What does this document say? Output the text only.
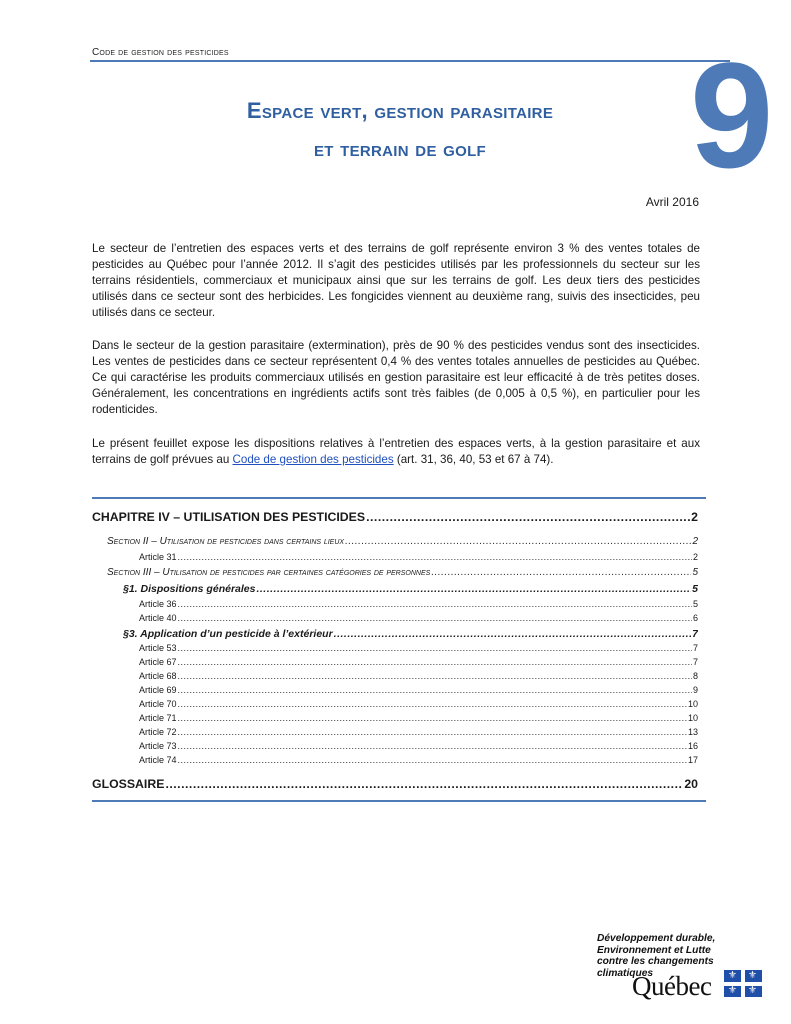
Code de gestion des pesticides	9
Espace vert, gestion parasitaire
et terrain de golf
Avril 2016
Le secteur de l’entretien des espaces verts et des terrains de golf représente environ 3 % des ventes totales de pesticides au Québec pour l’année 2012. Il s’agit des pesticides utilisés par les professionnels du secteur sur les terrains résidentiels, commerciaux et municipaux ainsi que sur les terrains de golf. Les deux tiers des pesticides utilisés dans ce secteur sont des herbicides. Les fongicides viennent au deuxième rang, suivis des insecticides, peu utilisés dans ce secteur.
Dans le secteur de la gestion parasitaire (extermination), près de 90 % des pesticides vendus sont des insecticides. Les ventes de pesticides dans ce secteur représentent 0,4 % des ventes totales annuelles de pesticides au Québec. Ce qui caractérise les produits commerciaux utilisés en gestion parasitaire est leur efficacité à de très petites doses. Généralement, les concentrations en ingrédients actifs sont très faibles (de 0,005 à 0,5 %), en particulier pour les rodenticides.
Le présent feuillet expose les dispositions relatives à l’entretien des espaces verts, à la gestion parasitaire et aux terrains de golf prévues au Code de gestion des pesticides (art. 31, 36, 40, 53 et 67 à 74).
CHAPITRE IV – UTILISATION DES PESTICIDES .....	2
Section II – Utilisation de pesticides dans certains lieux .....	2
Article 31 .....	2
Section III – Utilisation de pesticides par certaines catégories de personnes .....	5
§1. Dispositions générales .....	5
Article 36 .....	5
Article 40 .....	6
§3. Application d’un pesticide à l’extérieur .....	7
Article 53 .....	7
Article 67 .....	7
Article 68 .....	8
Article 69 .....	9
Article 70 .....	10
Article 71 .....	10
Article 72 .....	13
Article 73 .....	16
Article 74 .....	17
GLOSSAIRE .....	20
Développement durable,
Environnement et Lutte
contre les changements
climatiques
Québec ⚜ ⚜
⚜ ⚜
